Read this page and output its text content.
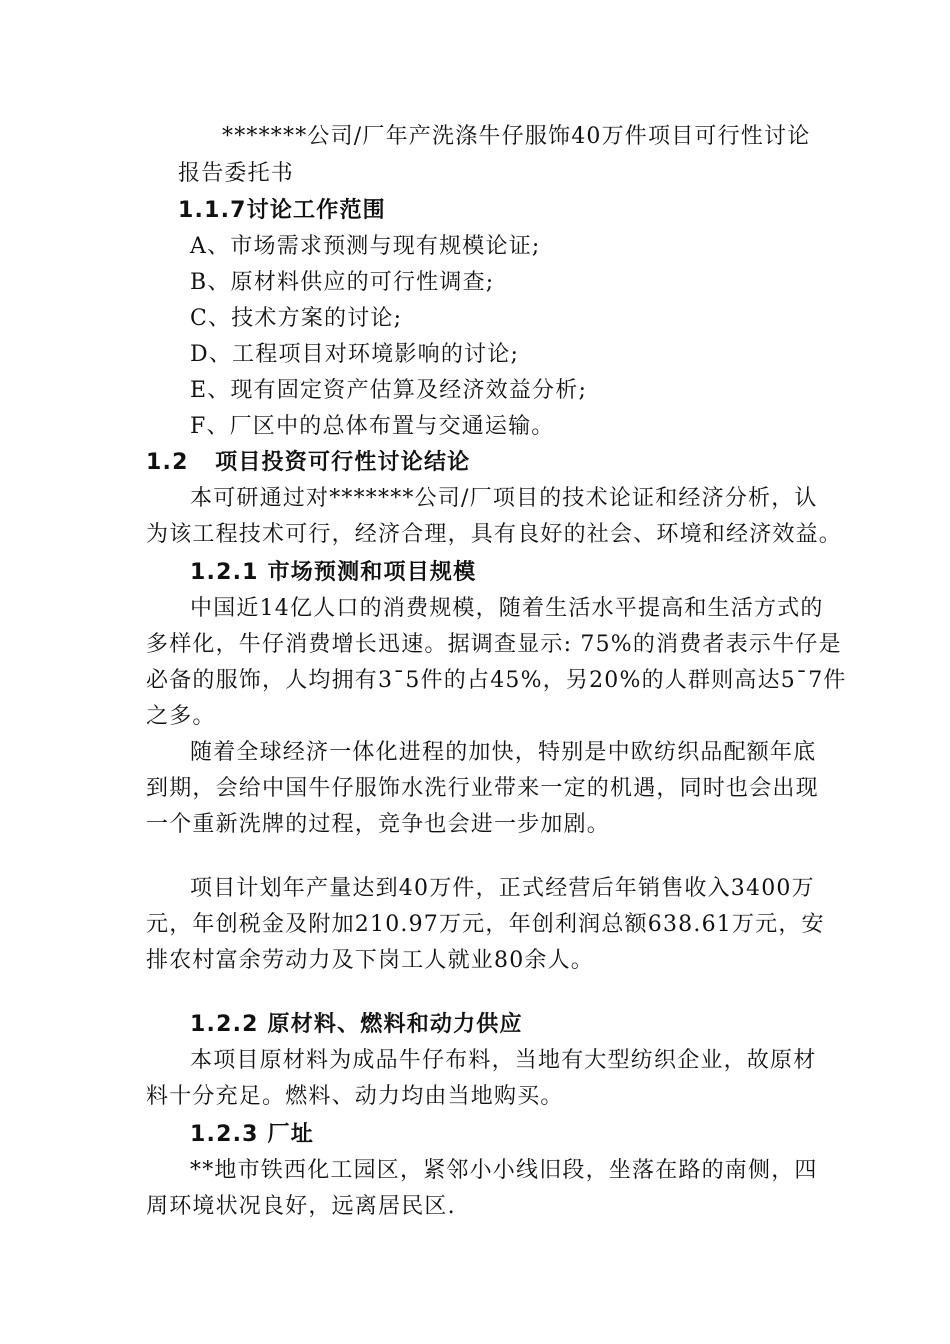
*******公司/厂年产洗涤牛仔服饰40万件项目可行性讨论
报告委托书
1.1.7讨论工作范围
A、市场需求预测与现有规模论证;
B、原材料供应的可行性调查;
C、技术方案的讨论;
D、工程项目对环境影响的讨论;
E、现有固定资产估算及经济效益分析;
F、厂区中的总体布置与交通运输。
1.2   项目投资可行性讨论结论
本可研通过对*******公司/厂项目的技术论证和经济分析，认
为该工程技术可行，经济合理，具有良好的社会、环境和经济效益。
1.2.1 市场预测和项目规模
中国近14亿人口的消费规模，随着生活水平提高和生活方式的
多样化，牛仔消费增长迅速。据调查显示: 75%的消费者表示牛仔是
必备的服饰，人均拥有3¯5件的占45%，另20%的人群则高达5¯7件
之多。
随着全球经济一体化进程的加快，特别是中欧纺织品配额年底
到期，会给中国牛仔服饰水洗行业带来一定的机遇，同时也会出现
一个重新洗牌的过程，竞争也会进一步加剧。
项目计划年产量达到40万件，正式经营后年销售收入3400万
元，年创税金及附加210.97万元，年创利润总额638.61万元，安
排农村富余劳动力及下岗工人就业80余人。
1.2.2 原材料、燃料和动力供应
本项目原材料为成品牛仔布料，当地有大型纺织企业，故原材
料十分充足。燃料、动力均由当地购买。
1.2.3 厂址
**地市铁西化工园区，紧邻小小线旧段，坐落在路的南侧，四
周环境状况良好，远离居民区.
